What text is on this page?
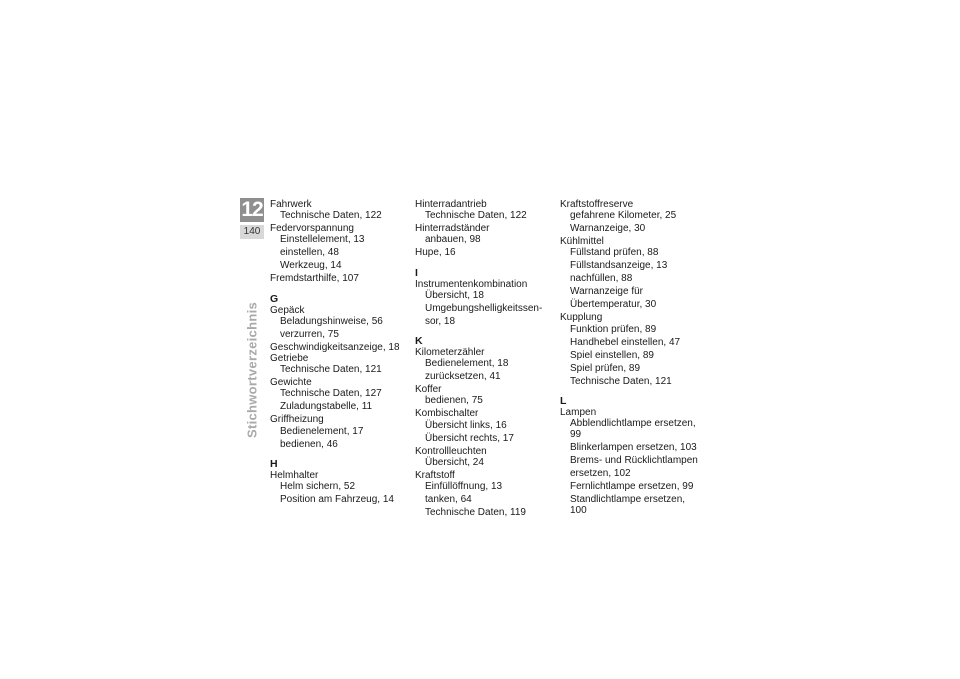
12
140
Stichwortverzeichnis
Fahrwerk
Technische Daten, 122
Federvorspannung
Einstellelement, 13
einstellen, 48
Werkzeug, 14
Fremdstarthilfe, 107
G
Gepäck
Beladungshinweise, 56
verzurren, 75
Geschwindigkeitsanzeige, 18
Getriebe
Technische Daten, 121
Gewichte
Technische Daten, 127
Zuladungstabelle, 11
Griffheizung
Bedienelement, 17
bedienen, 46
H
Helmhalter
Helm sichern, 52
Position am Fahrzeug, 14
Hinterradantrieb
Technische Daten, 122
Hinterradständer
anbauen, 98
Hupe, 16
I
Instrumentenkombination
Übersicht, 18
Umgebungshelligkeitssen-
sor, 18
K
Kilometerzähler
Bedienelement, 18
zurücksetzen, 41
Koffer
bedienen, 75
Kombischalter
Übersicht links, 16
Übersicht rechts, 17
Kontrollleuchten
Übersicht, 24
Kraftstoff
Einfüllöffnung, 13
tanken, 64
Technische Daten, 119
Kraftstoffreserve
gefahrene Kilometer, 25
Warnanzeige, 30
Kühlmittel
Füllstand prüfen, 88
Füllstandsanzeige, 13
nachfüllen, 88
Warnanzeige für
Übertemperatur, 30
Kupplung
Funktion prüfen, 89
Handhebel einstellen, 47
Spiel einstellen, 89
Spiel prüfen, 89
Technische Daten, 121
L
Lampen
Abblendlichtlampe ersetzen, 99
Blinkerlampen ersetzen, 103
Brems- und Rücklichtlampen
ersetzen, 102
Fernlichtlampe ersetzen, 99
Standlichtlampe ersetzen, 100
